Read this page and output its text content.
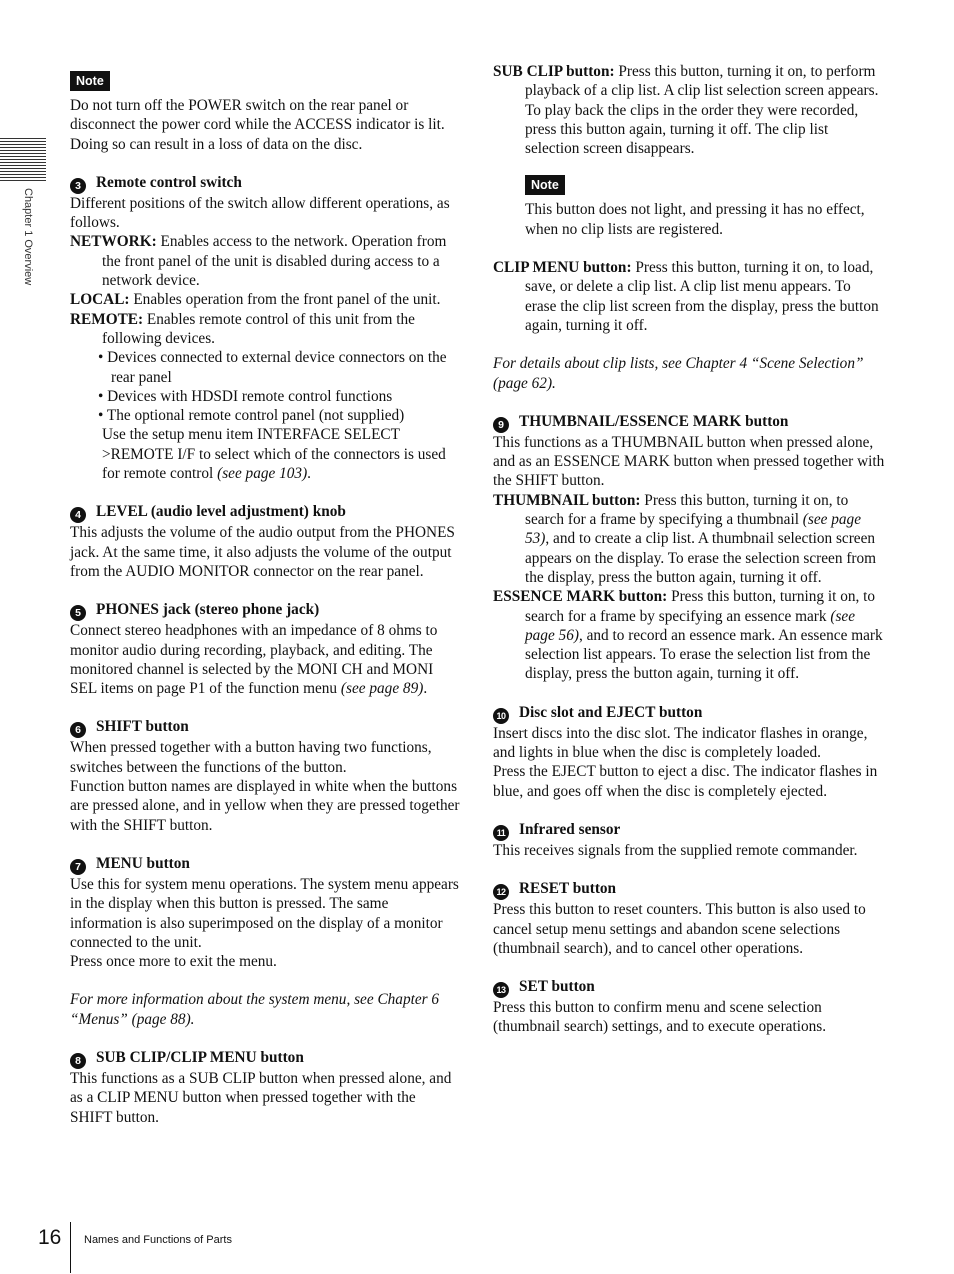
Chapter 1 Overview
Note

Do not turn off the POWER switch on the rear panel or disconnect the power cord while the ACCESS indicator is lit. Doing so can result in a loss of data on the disc.

3 Remote control switch

Different positions of the switch allow different operations, as follows.

NETWORK: Enables access to the network. Operation from the front panel of the unit is disabled during access to a network device.

LOCAL: Enables operation from the front panel of the unit.

REMOTE: Enables remote control of this unit from the following devices.

• Devices connected to external device connectors on the rear panel

• Devices with HDSDI remote control functions

• The optional remote control panel (not supplied)

Use the setup menu item INTERFACE SELECT >REMOTE I/F to select which of the connectors is used for remote control (see page 103).

4 LEVEL (audio level adjustment) knob

This adjusts the volume of the audio output from the PHONES jack. At the same time, it also adjusts the volume of the output from the AUDIO MONITOR connector on the rear panel.

5 PHONES jack (stereo phone jack)

Connect stereo headphones with an impedance of 8 ohms to monitor audio during recording, playback, and editing. The monitored channel is selected by the MONI CH and MONI SEL items on page P1 of the function menu (see page 89).

6 SHIFT button

When pressed together with a button having two functions, switches between the functions of the button.

Function button names are displayed in white when the buttons are pressed alone, and in yellow when they are pressed together with the SHIFT button.

7 MENU button

Use this for system menu operations. The system menu appears in the display when this button is pressed. The same information is also superimposed on the display of a monitor connected to the unit.

Press once more to exit the menu.

For more information about the system menu, see Chapter 6 “Menus” (page 88).

8 SUB CLIP/CLIP MENU button

This functions as a SUB CLIP button when pressed alone, and as a CLIP MENU button when pressed together with the SHIFT button.

SUB CLIP button: Press this button, turning it on, to perform playback of a clip list. A clip list selection screen appears. To play back the clips in the order they were recorded, press this button again, turning it off. The clip list selection screen disappears.

Note

This button does not light, and pressing it has no effect, when no clip lists are registered.

CLIP MENU button: Press this button, turning it on, to load, save, or delete a clip list. A clip list menu appears. To erase the clip list screen from the display, press the button again, turning it off.

For details about clip lists, see Chapter 4 “Scene Selection” (page 62).

9 THUMBNAIL/ESSENCE MARK button

This functions as a THUMBNAIL button when pressed alone, and as an ESSENCE MARK button when pressed together with the SHIFT button.

THUMBNAIL button: Press this button, turning it on, to search for a frame by specifying a thumbnail (see page 53), and to create a clip list. A thumbnail selection screen appears on the display. To erase the selection screen from the display, press the button again, turning it off.

ESSENCE MARK button: Press this button, turning it on, to search for a frame by specifying an essence mark (see page 56), and to record an essence mark. An essence mark selection list appears. To erase the selection list from the display, press the button again, turning it off.

10 Disc slot and EJECT button

Insert discs into the disc slot. The indicator flashes in orange, and lights in blue when the disc is completely loaded.

Press the EJECT button to eject a disc. The indicator flashes in blue, and goes off when the disc is completely ejected.

11 Infrared sensor

This receives signals from the supplied remote commander.

12 RESET button

Press this button to reset counters. This button is also used to cancel setup menu settings and abandon scene selections (thumbnail search), and to cancel other operations.

13 SET button

Press this button to confirm menu and scene selection (thumbnail search) settings, and to execute operations.

16 Names and Functions of Parts
